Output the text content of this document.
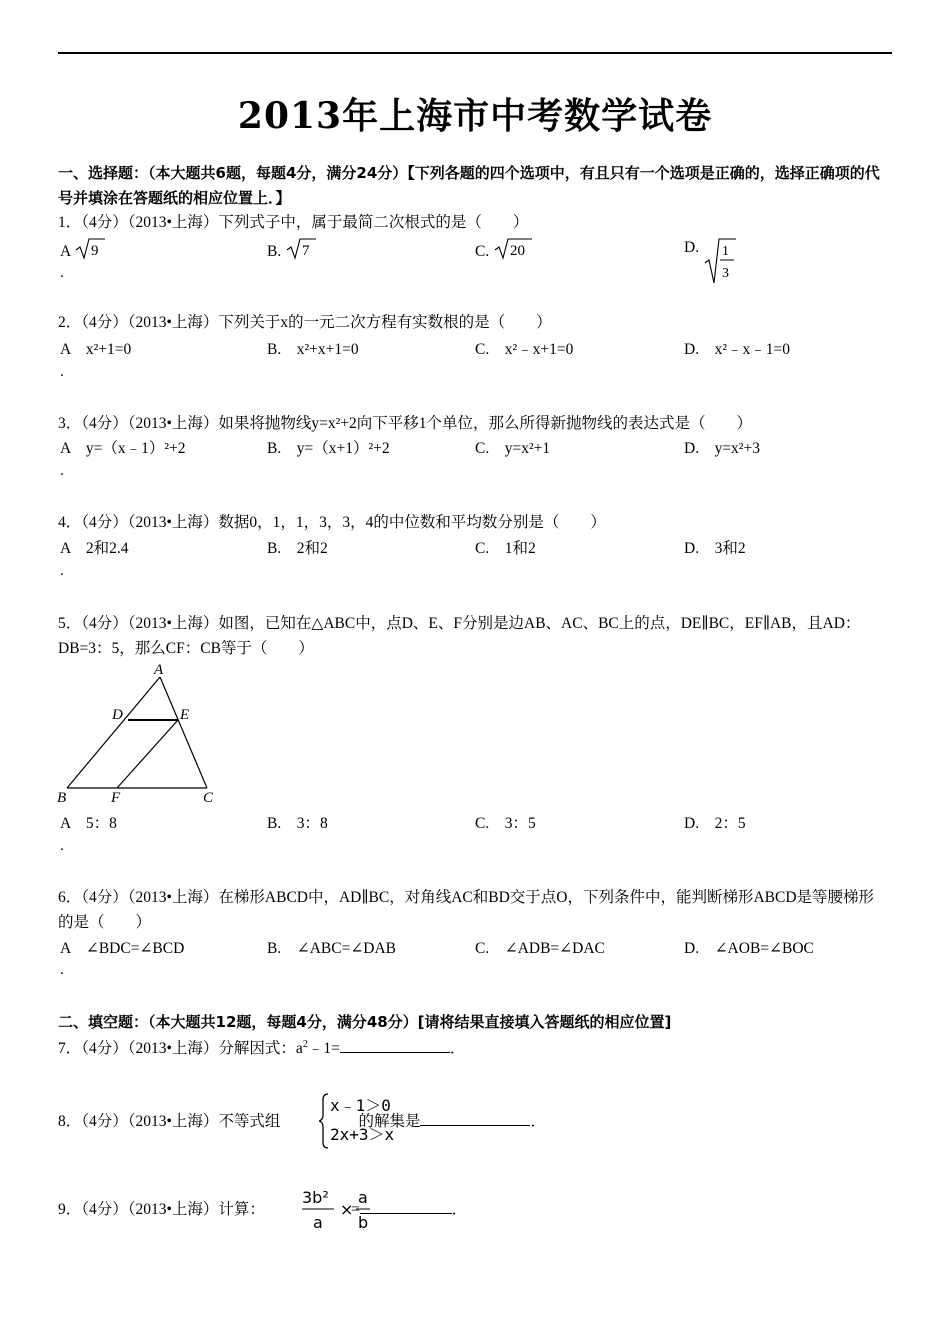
2013年上海市中考数学试卷
一、选择题：（本大题共6题，每题4分，满分24分）【下列各题的四个选项中，有且只有一个选项是正确的，选择正确项的代号并填涂在答题纸的相应位置上．】
1．（4分）（2013•上海）下列式子中，属于最简二次根式的是（　　）
A 9	B. 7	C. 20	D. 1
3
.
2．（4分）（2013•上海）下列关于x的一元二次方程有实数根的是（　　）
A　x²+1=0	B.　x²+x+1=0	C.　x²﹣x+1=0	D.　x²﹣x﹣1=0
.
3．（4分）（2013•上海）如果将抛物线y=x²+2向下平移1个单位，那么所得新抛物线的表达式是（　　）
A　y=（x﹣1）²+2	B.　y=（x+1）²+2	C.　y=x²+1	D.　y=x²+3
.
4．（4分）（2013•上海）数据0，1，1，3，3，4的中位数和平均数分别是（　　）
A　2和2.4	B.　2和2	C.　1和2	D.　3和2
.
5．（4分）（2013•上海）如图，已知在△ABC中，点D、E、F分别是边AB、AC、BC上的点，DE∥BC，EF∥AB，且AD：DB=3：5，那么CF：CB等于（　　）
A
D	E
B	F	C
A　5：8	B.　3：8	C.　3：5	D.　2：5
.
6．（4分）（2013•上海）在梯形ABCD中，AD∥BC，对角线AC和BD交于点O，下列条件中，能判断梯形ABCD是等腰梯形的是（　　）
A　∠BDC=∠BCD	B.　∠ABC=∠DAB	C.　∠ADB=∠DAC	D.　∠AOB=∠BOC
.
二、填空题：（本大题共12题，每题4分，满分48分）[请将结果直接填入答题纸的相应位置]
7．（4分）（2013•上海）分解因式：$a^2﹣1=$	．
8．（4分）（2013•上海）不等式组	的解集是	．
x﹣1＞0
2x+3＞x
9．（4分）（2013•上海）计算：	=	．
3b²
a
×
a
b
